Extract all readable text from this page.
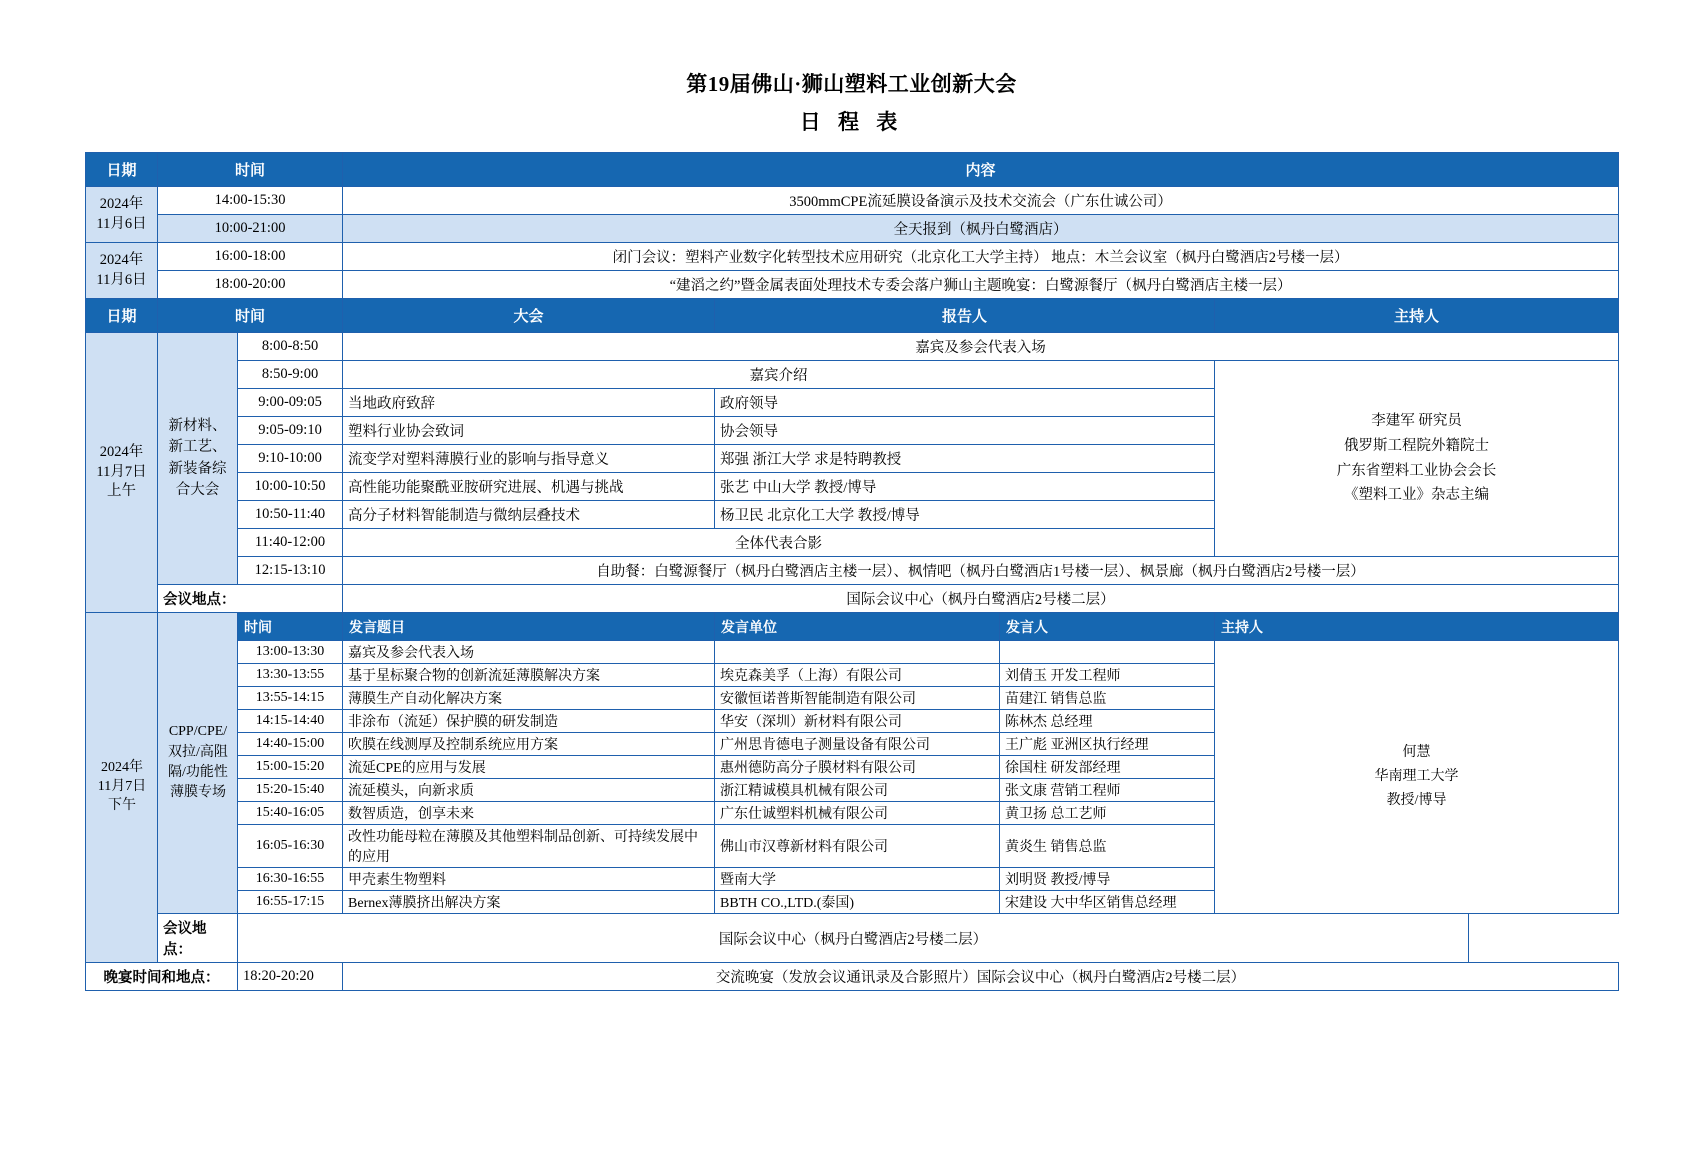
第19届佛山·狮山塑料工业创新大会
日 程 表
日期	时间		内容			

2024年
11月6日	14:00-15:30		3500mmCPE流延膜设备演示及技术交流会（广东仕诚公司）			
	10:00-21:00		全天报到（枫丹白鹭酒店）			

2024年
11月6日	16:00-18:00		闭门会议：塑料产业数字化转型技术应用研究（北京化工大学主持） 地点：木兰会议室（枫丹白鹭酒店2号楼一层）			
	18:00-20:00		“建滔之约”暨金属表面处理技术专委会落户狮山主题晚宴：白鹭源餐厅（枫丹白鹭酒店主楼一层）			
日期	时间		大会	报告人		主持人

2024年
11月7日
上午	新材料、新工艺、新装备综合大会	8:00-8:50	嘉宾及参会代表入场			
		8:50-9:00	嘉宾介绍			李建军 研究员
俄罗斯工程院外籍院士
广东省塑料工业协会会长
《塑料工业》杂志主编

		9:00-09:05	当地政府致辞	政府领导		
		9:05-09:10	塑料行业协会致词	协会领导		
		9:10-10:00	流变学对塑料薄膜行业的影响与指导意义	郑强 浙江大学 求是特聘教授		
		10:00-10:50	高性能功能聚酰亚胺研究进展、机遇与挑战	张艺 中山大学 教授/博导		
		10:50-11:40	高分子材料智能制造与微纳层叠技术	杨卫民 北京化工大学 教授/博导		
		11:40-12:00	全体代表合影			
		12:15-13:10	自助餐：白鹭源餐厅（枫丹白鹭酒店主楼一层）、枫情吧（枫丹白鹭酒店1号楼一层）、枫景廊（枫丹白鹭酒店2号楼一层）			
	会议地点：		国际会议中心（枫丹白鹭酒店2号楼二层）			

2024年
11月7日
下午	CPP/CPE/双拉/高阻隔/功能性薄膜专场	时间	发言题目	发言单位	发言人	主持人
		13:00-13:30	嘉宾及参会代表入场			何慧
华南理工大学
教授/博导

		13:30-13:55	基于星标聚合物的创新流延薄膜解决方案	埃克森美孚（上海）有限公司	刘倩玉 开发工程师	
		13:55-14:15	薄膜生产自动化解决方案	安徽恒诺普斯智能制造有限公司	苗建江 销售总监	
		14:15-14:40	非涂布（流延）保护膜的研发制造	华安（深圳）新材料有限公司	陈林杰 总经理	
		14:40-15:00	吹膜在线测厚及控制系统应用方案	广州思肯德电子测量设备有限公司	王广彪 亚洲区执行经理	
		15:00-15:20	流延CPE的应用与发展	惠州德防高分子膜材料有限公司	徐国柱 研发部经理	
		15:20-15:40	流延模头，向新求质	浙江精诚模具机械有限公司	张文康 营销工程师	
		15:40-16:05	数智质造，创享未来	广东仕诚塑料机械有限公司	黄卫扬 总工艺师	
		16:05-16:30	改性功能母粒在薄膜及其他塑料制品创新、可持续发展中的应用	佛山市汉尊新材料有限公司	黄炎生 销售总监	
		16:30-16:55	甲壳素生物塑料	暨南大学	刘明贤 教授/博导	
		16:55-17:15	Bernex薄膜挤出解决方案	BBTH CO.,LTD.(泰国)	宋建设 大中华区销售总经理	
	会议地点：	国际会议中心（枫丹白鹭酒店2号楼二层）				
晚宴时间和地点：		18:20-20:20	交流晚宴（发放会议通讯录及合影照片）国际会议中心（枫丹白鹭酒店2号楼二层）			
